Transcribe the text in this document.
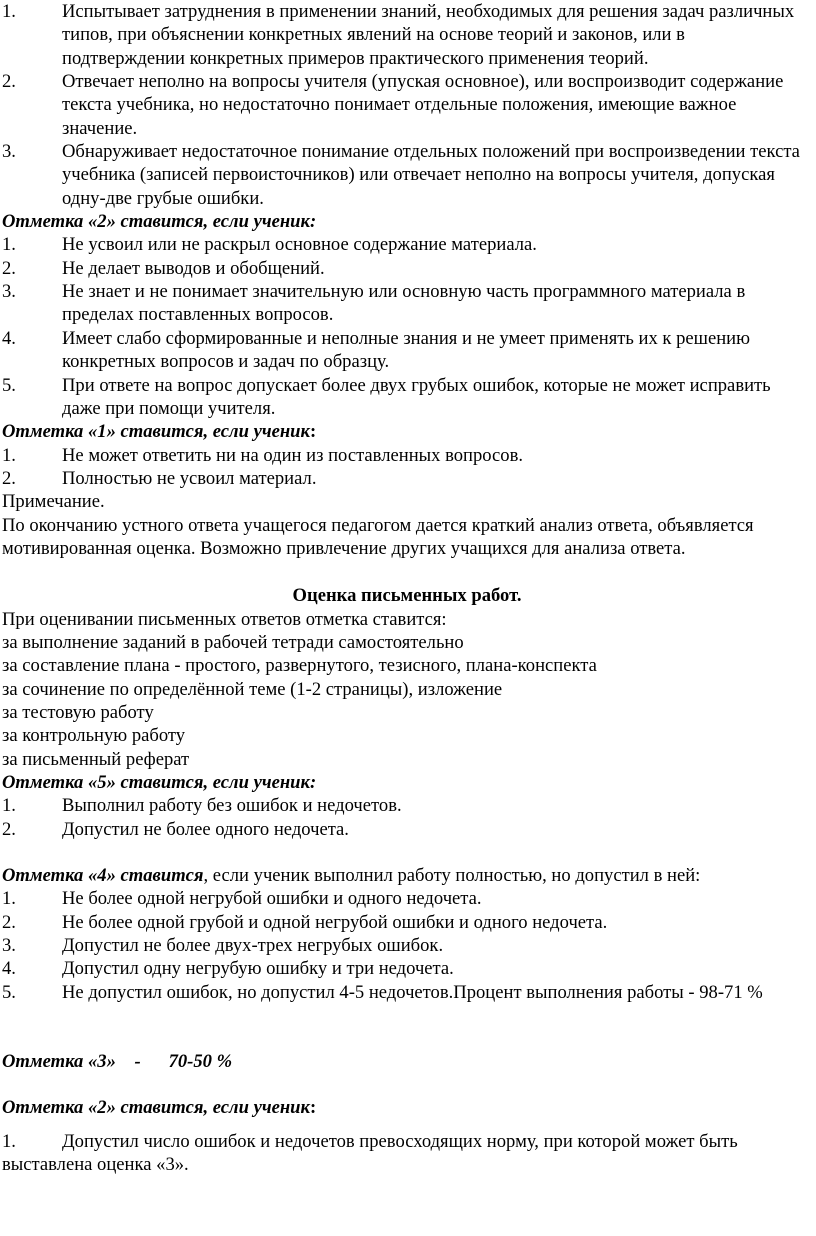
1. Испытывает затруднения в применении знаний, необходимых для решения задач различных типов, при объяснении конкретных явлений на основе теорий и законов, или в подтверждении конкретных примеров практического применения теорий.

2. Отвечает неполно на вопросы учителя (упуская основное), или воспроизводит содержание текста учебника, но недостаточно понимает отдельные положения, имеющие важное значение.

3. Обнаруживает недостаточное понимание отдельных положений при воспроизведении текста учебника (записей первоисточников) или отвечает неполно на вопросы учителя, допуская одну-две грубые ошибки.

Отметка «2» ставится, если ученик:

1. Не усвоил или не раскрыл основное содержание материала.

2. Не делает выводов и обобщений.

3. Не знает и не понимает значительную или основную часть программного материала в пределах поставленных вопросов.

4. Имеет слабо сформированные и неполные знания и не умеет применять их к решению конкретных вопросов и задач по образцу.

5. При ответе на вопрос допускает более двух грубых ошибок, которые не может исправить даже при помощи учителя.

Отметка «1» ставится, если ученик:

1. Не может ответить ни на один из поставленных вопросов.

2. Полностью не усвоил материал.

Примечание.

По окончанию устного ответа учащегося педагогом дается краткий анализ ответа, объявляется мотивированная оценка. Возможно привлечение других учащихся для анализа ответа.

Оценка письменных работ.

При оценивании письменных ответов отметка ставится:

за выполнение заданий в рабочей тетради самостоятельно

за составление плана - простого, развернутого, тезисного, плана-конспекта

за сочинение по определённой теме (1-2 страницы), изложение

за тестовую работу

за контрольную работу

за письменный реферат

Отметка «5» ставится, если ученик:

1. Выполнил работу без ошибок и недочетов.

2. Допустил не более одного недочета.

Отметка «4» ставится, если ученик выполнил работу полностью, но допустил в ней:

1. Не более одной негрубой ошибки и одного недочета.

2. Не более одной грубой и одной негрубой ошибки и одного недочета.

3. Допустил не более двух-трех негрубых ошибок.

4. Допустил одну негрубую ошибку и три недочета.

5. Не допустил ошибок, но допустил 4-5 недочетов.Процент выполнения работы - 98-71 %

Отметка «3»    -      70-50 %

Отметка «2» ставится, если ученик:

1. Допустил число ошибок и недочетов превосходящих норму, при которой может быть выставлена оценка «3».
